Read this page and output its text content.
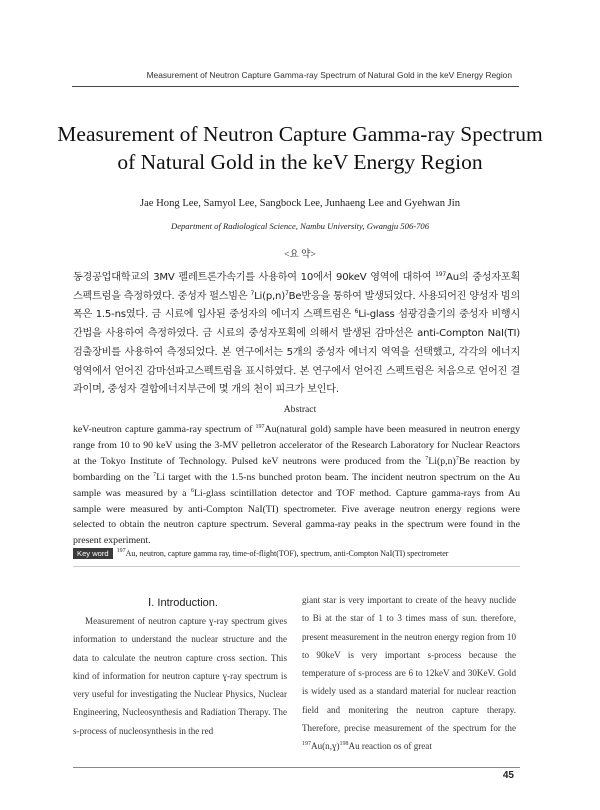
Measurement of Neutron Capture Gamma-ray Spectrum of Natural Gold in the keV Energy Region
Measurement of Neutron Capture Gamma-ray Spectrum
of Natural Gold in the keV Energy Region
Jae Hong Lee, Samyol Lee, Sangbock Lee, Junhaeng Lee and Gyehwan Jin
Department of Radiological Science, Nambu University, Gwangju 506-706
<요 약>
동경공업대학교의 3MV 펠레트론가속기를 사용하여 10에서 90keV 영역에 대하여 $^{197}$Au의 중성자포획 스펙트럼을 측정하였다. 중성자 펄스빔은 $^7Li(p,n)^7Be$반응을 통하여 발생되었다. 사용되어진 양성자 빔의 폭은 1.5-ns였다. 금 시료에 입사된 중성자의 에너지 스펙트럼은 $^6$Li-glass 섬광검출기의 중성자 비행시간법을 사용하여 측정하였다. 금 시료의 중성자포획에 의해서 발생된 감마선은 anti-Compton NaI(TI) 검출장비를 사용하여 측정되었다. 본 연구에서는 5개의 중성자 에너지 역역을 선택했고, 각각의 에너지 영역에서 얻어진 감마선파고스펙트럼을 표시하였다. 본 연구에서 얻어진 스펙트럼은 처음으로 얻어진 결과이며, 중성자 결합에너지부근에 몇 개의 천이 피크가 보인다.
Abstract
keV-neutron capture gamma-ray spectrum of $^{197}$Au(natural gold) sample have been measured in neutron energy range from 10 to 90 keV using the 3-MV pelletron accelerator of the Research Laboratory for Nuclear Reactors at the Tokyo Institute of Technology. Pulsed keV neutrons were produced from the $^7Li(p,n)^7Be$ reaction by bombarding on the $^7$Li target with the 1.5-ns bunched proton beam. The incident neutron spectrum on the Au sample was measured by a $^6$Li-glass scintillation detector and TOF method. Capture gamma-rays from Au sample were measured by anti-Compton NaI(TI) spectrometer. Five average neutron energy regions were selected to obtain the neutron capture spectrum. Several gamma-ray peaks in the spectrum were found in the present experiment.
Key word $^{197}$Au, neutron, capture gamma ray, time-of-flight(TOF), spectrum, anti-Compton NaI(TI) spectrometer
Ⅰ. Introduction.
Measurement of neutron capture ɣ-ray spectrum gives information to understand the nuclear structure and the data to calculate the neutron capture cross section. This kind of information for neutron capture ɣ-ray spectrum is very useful for investigating the Nuclear Physics, Nuclear Engineering, Nucleosynthesis and Radiation Therapy. The s-process of nucleosynthesis in the red
giant star is very important to create of the heavy nuclide to Bi at the star of 1 to 3 times mass of sun. therefore, present measurement in the neutron energy region from 10 to 90keV is very important s-process because the temperature of s-process are 6 to 12keV and 30KeV. Gold is widely used as a standard material for nuclear reaction field and monitering the neutron capture therapy. Therefore, precise measurement of the spectrum for the $^{197}$Au(n,ɣ)$^{198}$Au reaction os of great
45
